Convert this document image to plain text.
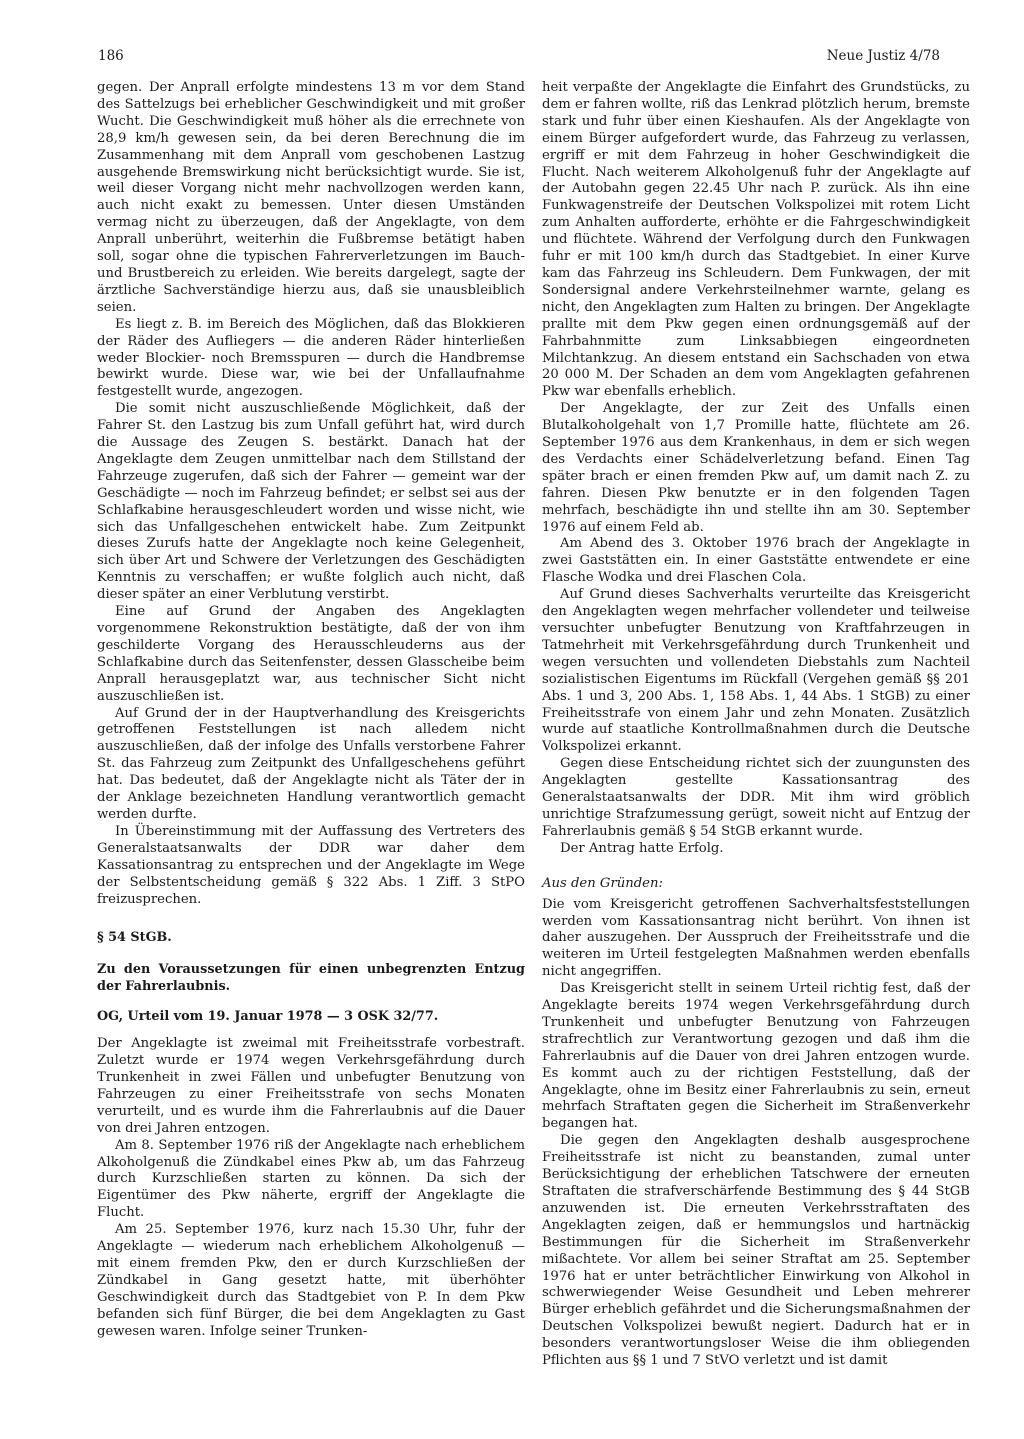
186	Neue Justiz 4/78

gegen. Der Anprall erfolgte mindestens 13 m vor dem Stand des Sattelzugs bei erheblicher Geschwindigkeit und mit großer Wucht. Die Geschwindigkeit muß höher als die errechnete von 28,9 km/h gewesen sein, da bei deren Berechnung die im Zusammenhang mit dem Anprall vom geschobenen Lastzug ausgehende Bremswirkung nicht berücksichtigt wurde. Sie ist, weil dieser Vorgang nicht mehr nachvollzogen werden kann, auch nicht exakt zu bemessen. Unter diesen Umständen vermag nicht zu überzeugen, daß der Angeklagte, von dem Anprall unberührt, weiterhin die Fußbremse betätigt haben soll, sogar ohne die typischen Fahrerverletzungen im Bauch- und Brustbereich zu erleiden. Wie bereits dargelegt, sagte der ärztliche Sachverständige hierzu aus, daß sie unausbleiblich seien.

Es liegt z. B. im Bereich des Möglichen, daß das Blokkieren der Räder des Aufliegers — die anderen Räder hinterließen weder Blockier- noch Bremsspuren — durch die Handbremse bewirkt wurde. Diese war, wie bei der Unfallaufnahme festgestellt wurde, angezogen.

Die somit nicht auszuschließende Möglichkeit, daß der Fahrer St. den Lastzug bis zum Unfall geführt hat, wird durch die Aussage des Zeugen S. bestärkt. Danach hat der Angeklagte dem Zeugen unmittelbar nach dem Stillstand der Fahrzeuge zugerufen, daß sich der Fahrer — gemeint war der Geschädigte — noch im Fahrzeug befindet; er selbst sei aus der Schlafkabine herausgeschleudert worden und wisse nicht, wie sich das Unfallgeschehen entwickelt habe. Zum Zeitpunkt dieses Zurufs hatte der Angeklagte noch keine Gelegenheit, sich über Art und Schwere der Verletzungen des Geschädigten Kenntnis zu verschaffen; er wußte folglich auch nicht, daß dieser später an einer Verblutung verstirbt.

Eine auf Grund der Angaben des Angeklagten vorgenommene Rekonstruktion bestätigte, daß der von ihm geschilderte Vorgang des Herausschleuderns aus der Schlafkabine durch das Seitenfenster, dessen Glasscheibe beim Anprall herausgeplatzt war, aus technischer Sicht nicht auszuschließen ist.

Auf Grund der in der Hauptverhandlung des Kreisgerichts getroffenen Feststellungen ist nach alledem nicht auszuschließen, daß der infolge des Unfalls verstorbene Fahrer St. das Fahrzeug zum Zeitpunkt des Unfallgeschehens geführt hat. Das bedeutet, daß der Angeklagte nicht als Täter der in der Anklage bezeichneten Handlung verantwortlich gemacht werden durfte.

In Übereinstimmung mit der Auffassung des Vertreters des Generalstaatsanwalts der DDR war daher dem Kassationsantrag zu entsprechen und der Angeklagte im Wege der Selbstentscheidung gemäß § 322 Abs. 1 Ziff. 3 StPO freizusprechen.

§ 54 StGB.

Zu den Voraussetzungen für einen unbegrenzten Entzug der Fahrerlaubnis.

OG, Urteil vom 19. Januar 1978 — 3 OSK 32/77.

Der Angeklagte ist zweimal mit Freiheitsstrafe vorbestraft. Zuletzt wurde er 1974 wegen Verkehrsgefährdung durch Trunkenheit in zwei Fällen und unbefugter Benutzung von Fahrzeugen zu einer Freiheitsstrafe von sechs Monaten verurteilt, und es wurde ihm die Fahrerlaubnis auf die Dauer von drei Jahren entzogen.

Am 8. September 1976 riß der Angeklagte nach erheblichem Alkoholgenuß die Zündkabel eines Pkw ab, um das Fahrzeug durch Kurzschließen starten zu können. Da sich der Eigentümer des Pkw näherte, ergriff der Angeklagte die Flucht.

Am 25. September 1976, kurz nach 15.30 Uhr, fuhr der Angeklagte — wiederum nach erheblichem Alkoholgenuß — mit einem fremden Pkw, den er durch Kurzschließen der Zündkabel in Gang gesetzt hatte, mit überhöhter Geschwindigkeit durch das Stadtgebiet von P. In dem Pkw befanden sich fünf Bürger, die bei dem Angeklagten zu Gast gewesen waren. Infolge seiner Trunken-

heit verpaßte der Angeklagte die Einfahrt des Grundstücks, zu dem er fahren wollte, riß das Lenkrad plötzlich herum, bremste stark und fuhr über einen Kieshaufen. Als der Angeklagte von einem Bürger aufgefordert wurde, das Fahrzeug zu verlassen, ergriff er mit dem Fahrzeug in hoher Geschwindigkeit die Flucht. Nach weiterem Alkoholgenuß fuhr der Angeklagte auf der Autobahn gegen 22.45 Uhr nach P. zurück. Als ihn eine Funkwagenstreife der Deutschen Volkspolizei mit rotem Licht zum Anhalten aufforderte, erhöhte er die Fahrgeschwindigkeit und flüchtete. Während der Verfolgung durch den Funkwagen fuhr er mit 100 km/h durch das Stadtgebiet. In einer Kurve kam das Fahrzeug ins Schleudern. Dem Funkwagen, der mit Sondersignal andere Verkehrsteilnehmer warnte, gelang es nicht, den Angeklagten zum Halten zu bringen. Der Angeklagte prallte mit dem Pkw gegen einen ordnungsgemäß auf der Fahrbahnmitte zum Linksabbiegen eingeordneten Milchtankzug. An diesem entstand ein Sachschaden von etwa 20 000 M. Der Schaden an dem vom Angeklagten gefahrenen Pkw war ebenfalls erheblich.

Der Angeklagte, der zur Zeit des Unfalls einen Blutalkoholgehalt von 1,7 Promille hatte, flüchtete am 26. September 1976 aus dem Krankenhaus, in dem er sich wegen des Verdachts einer Schädelverletzung befand. Einen Tag später brach er einen fremden Pkw auf, um damit nach Z. zu fahren. Diesen Pkw benutzte er in den folgenden Tagen mehrfach, beschädigte ihn und stellte ihn am 30. September 1976 auf einem Feld ab.

Am Abend des 3. Oktober 1976 brach der Angeklagte in zwei Gaststätten ein. In einer Gaststätte entwendete er eine Flasche Wodka und drei Flaschen Cola.

Auf Grund dieses Sachverhalts verurteilte das Kreisgericht den Angeklagten wegen mehrfacher vollendeter und teilweise versuchter unbefugter Benutzung von Kraftfahrzeugen in Tatmehrheit mit Verkehrsgefährdung durch Trunkenheit und wegen versuchten und vollendeten Diebstahls zum Nachteil sozialistischen Eigentums im Rückfall (Vergehen gemäß §§ 201 Abs. 1 und 3, 200 Abs. 1, 158 Abs. 1, 44 Abs. 1 StGB) zu einer Freiheitsstrafe von einem Jahr und zehn Monaten. Zusätzlich wurde auf staatliche Kontrollmaßnahmen durch die Deutsche Volkspolizei erkannt.

Gegen diese Entscheidung richtet sich der zuungunsten des Angeklagten gestellte Kassationsantrag des Generalstaatsanwalts der DDR. Mit ihm wird gröblich unrichtige Strafzumessung gerügt, soweit nicht auf Entzug der Fahrerlaubnis gemäß § 54 StGB erkannt wurde.

Der Antrag hatte Erfolg.

Aus den Gründen:

Die vom Kreisgericht getroffenen Sachverhaltsfeststellungen werden vom Kassationsantrag nicht berührt. Von ihnen ist daher auszugehen. Der Ausspruch der Freiheitsstrafe und die weiteren im Urteil festgelegten Maßnahmen werden ebenfalls nicht angegriffen.

Das Kreisgericht stellt in seinem Urteil richtig fest, daß der Angeklagte bereits 1974 wegen Verkehrsgefährdung durch Trunkenheit und unbefugter Benutzung von Fahrzeugen strafrechtlich zur Verantwortung gezogen und daß ihm die Fahrerlaubnis auf die Dauer von drei Jahren entzogen wurde. Es kommt auch zu der richtigen Feststellung, daß der Angeklagte, ohne im Besitz einer Fahrerlaubnis zu sein, erneut mehrfach Straftaten gegen die Sicherheit im Straßenverkehr begangen hat.

Die gegen den Angeklagten deshalb ausgesprochene Freiheitsstrafe ist nicht zu beanstanden, zumal unter Berücksichtigung der erheblichen Tatschwere der erneuten Straftaten die strafverschärfende Bestimmung des § 44 StGB anzuwenden ist. Die erneuten Verkehrsstraftaten des Angeklagten zeigen, daß er hemmungslos und hartnäckig Bestimmungen für die Sicherheit im Straßenverkehr mißachtete. Vor allem bei seiner Straftat am 25. September 1976 hat er unter beträchtlicher Einwirkung von Alkohol in schwerwiegender Weise Gesundheit und Leben mehrerer Bürger erheblich gefährdet und die Sicherungsmaßnahmen der Deutschen Volkspolizei bewußt negiert. Dadurch hat er in besonders verantwortungsloser Weise die ihm obliegenden Pflichten aus §§ 1 und 7 StVO verletzt und ist damit
